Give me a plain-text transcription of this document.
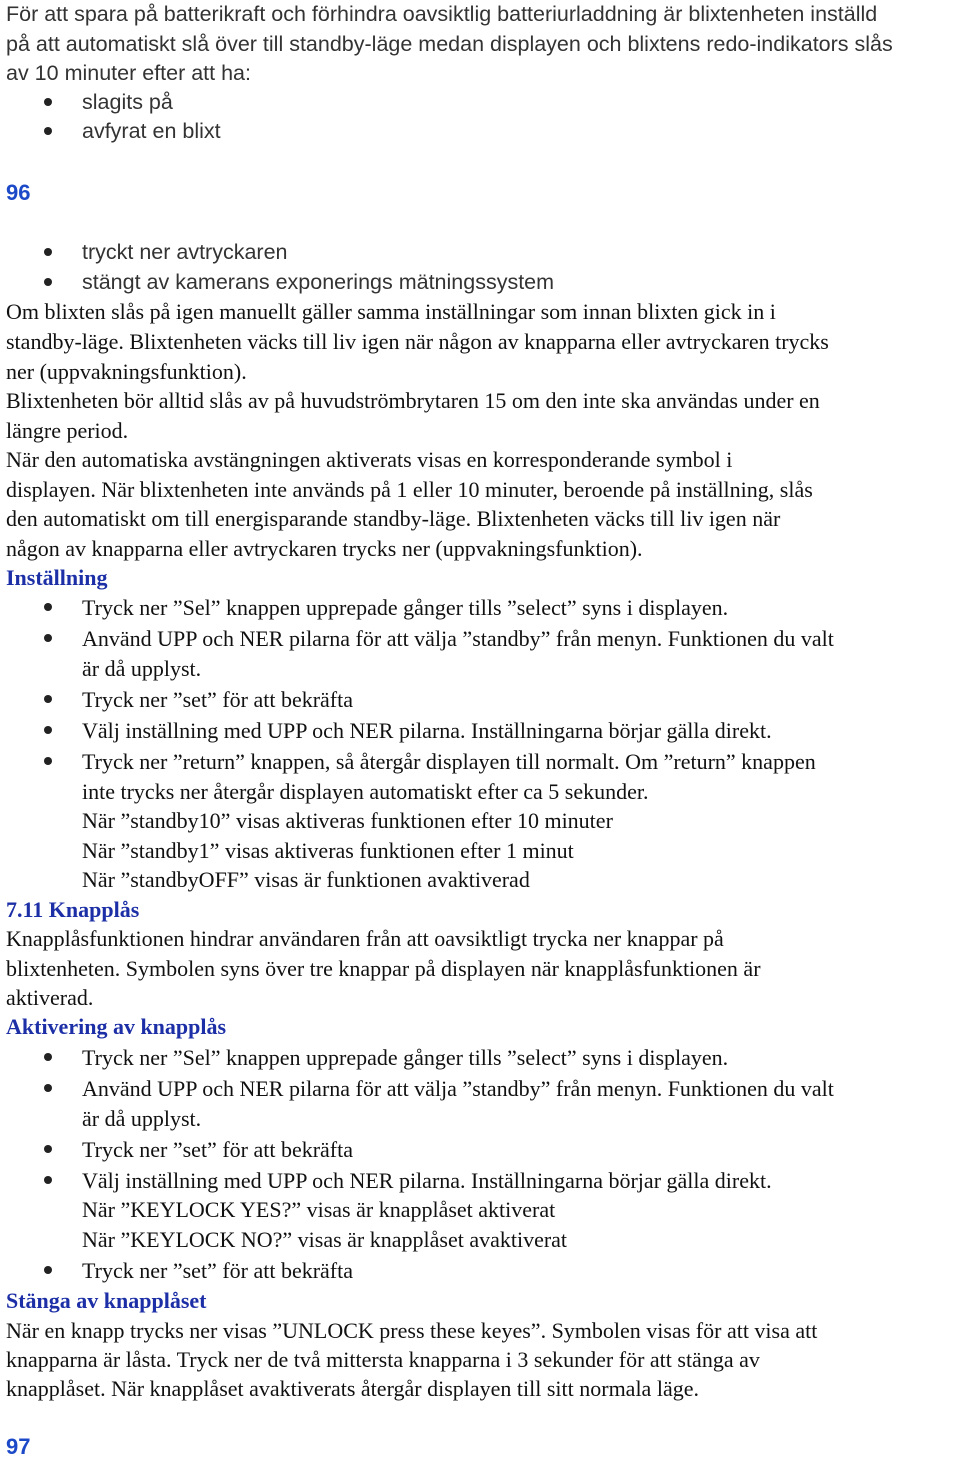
För att spara på batterikraft och förhindra oavsiktlig batteriurladdning är blixtenheten inställd
på att automatiskt slå över till standby-läge medan displayen och blixtens redo-indikators slås
av 10 minuter efter att ha:
slagits på
avfyrat en blixt
96
tryckt ner avtryckaren
stängt av kamerans exponerings mätningssystem
Om blixten slås på igen manuellt gäller samma inställningar som innan blixten gick in i
standby-läge. Blixtenheten väcks till liv igen när någon av knapparna eller avtryckaren trycks
ner (uppvakningsfunktion).
Blixtenheten bör alltid slås av på huvudströmbrytaren 15 om den inte ska användas under en
längre period.
När den automatiska avstängningen aktiverats visas en korresponderande symbol i
displayen. När blixtenheten inte används på 1 eller 10 minuter, beroende på inställning, slås
den automatiskt om till energisparande standby-läge. Blixtenheten väcks till liv igen när
någon av knapparna eller avtryckaren trycks ner (uppvakningsfunktion).
Inställning
Tryck ner ”Sel” knappen upprepade gånger tills ”select” syns i displayen.
Använd UPP och NER pilarna för att välja ”standby” från menyn. Funktionen du valt
är då upplyst.
Tryck ner ”set” för att bekräfta
Välj inställning med UPP och NER pilarna. Inställningarna börjar gälla direkt.
Tryck ner ”return” knappen, så återgår displayen till normalt. Om ”return” knappen
inte trycks ner återgår displayen automatiskt efter ca 5 sekunder.
När ”standby10” visas aktiveras funktionen efter 10 minuter
När ”standby1” visas aktiveras funktionen efter 1 minut
När ”standbyOFF” visas är funktionen avaktiverad
7.11 Knapplås
Knapplåsfunktionen hindrar användaren från att oavsiktligt trycka ner knappar på
blixtenheten. Symbolen syns över tre knappar på displayen när knapplåsfunktionen är
aktiverad.
Aktivering av knapplås
Tryck ner ”Sel” knappen upprepade gånger tills ”select” syns i displayen.
Använd UPP och NER pilarna för att välja ”standby” från menyn. Funktionen du valt
är då upplyst.
Tryck ner ”set” för att bekräfta
Välj inställning med UPP och NER pilarna. Inställningarna börjar gälla direkt.
När ”KEYLOCK YES?” visas är knapplåset aktiverat
När ”KEYLOCK NO?” visas är knapplåset avaktiverat
Tryck ner ”set” för att bekräfta
Stänga av knapplåset
När en knapp trycks ner visas ”UNLOCK press these keyes”. Symbolen visas för att visa att
knapparna är låsta. Tryck ner de två mittersta knapparna i 3 sekunder för att stänga av
knapplåset. När knapplåset avaktiverats återgår displayen till sitt normala läge.
97
